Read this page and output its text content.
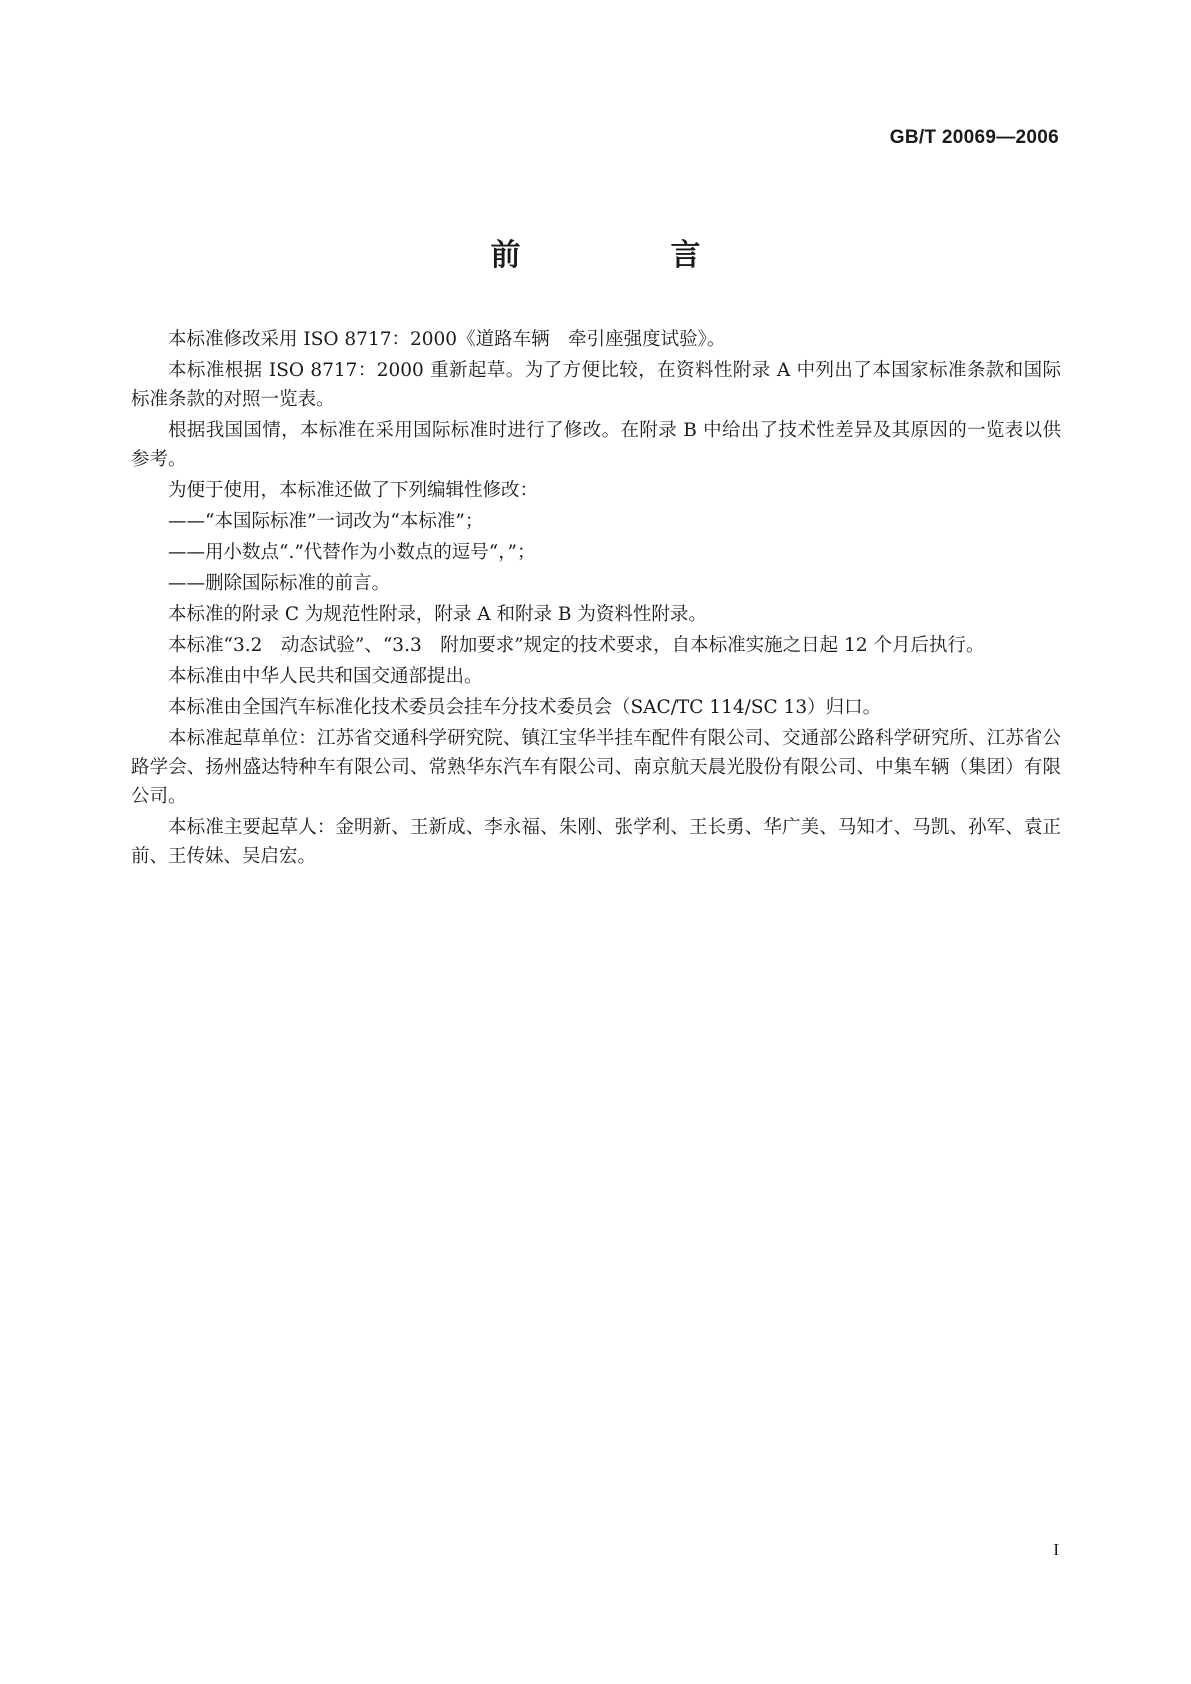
GB/T 20069—2006
前　言

本标准修改采用 ISO 8717：2000《道路车辆　牵引座强度试验》。

本标准根据 ISO 8717：2000 重新起草。为了方便比较，在资料性附录 A 中列出了本国家标准条款和国际标准条款的对照一览表。

根据我国国情，本标准在采用国际标准时进行了修改。在附录 B 中给出了技术性差异及其原因的一览表以供参考。

为便于使用，本标准还做了下列编辑性修改：

——“本国际标准”一词改为“本标准”；

——用小数点“.”代替作为小数点的逗号“，”；

——删除国际标准的前言。

本标准的附录 C 为规范性附录，附录 A 和附录 B 为资料性附录。

本标准“3.2　动态试验”、“3.3　附加要求”规定的技术要求，自本标准实施之日起 12 个月后执行。

本标准由中华人民共和国交通部提出。

本标准由全国汽车标准化技术委员会挂车分技术委员会（SAC/TC 114/SC 13）归口。

本标准起草单位：江苏省交通科学研究院、镇江宝华半挂车配件有限公司、交通部公路科学研究所、江苏省公路学会、扬州盛达特种车有限公司、常熟华东汽车有限公司、南京航天晨光股份有限公司、中集车辆（集团）有限公司。

本标准主要起草人：金明新、王新成、李永福、朱刚、张学利、王长勇、华广美、马知才、马凯、孙军、袁正前、王传妹、吴启宏。

I
